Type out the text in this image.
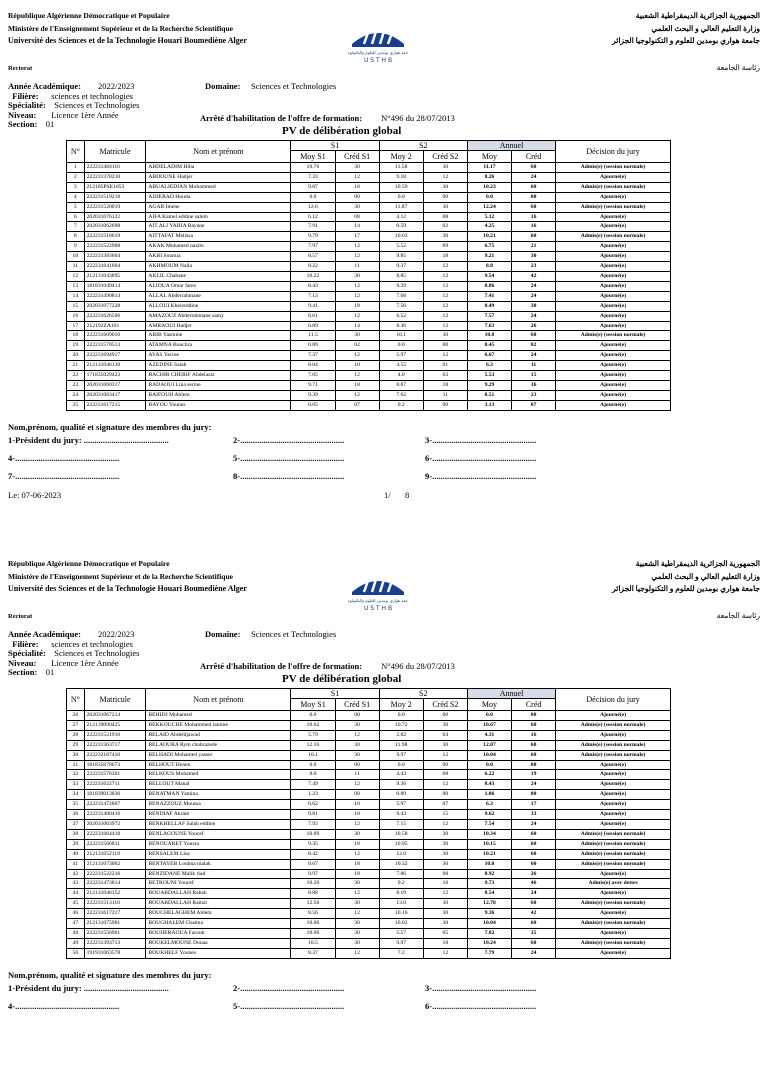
République Algérienne Démocratique et Populaire
Ministère de l'Enseignement Supérieur et de la Recherche Scientifique
Université des Sciences et de la Technologie Houari Boumediène Alger
الجمهورية الجزائرية الديمقراطية الشعبية
وزارة التعليم العالي و البحث العلمي
جامعة هواري بومدين للعلوم و التكنولوجيا الجزائر
جامعة هواري بومدين للعلوم والتكنولوجيا
U S T H B
Rectorat	رئاسة الجامعة
Année Académique: 2022/2023
Filière: sciences et technologies
Spécialité: Sciences et Technologies
Niveau: Licence 1ère Année
Section: 01
Domaine: Sciences et Technologies
Arrêté d'habilitation de l'offre de formation: N°496 du 28/07/2013
PV de délibération global
N°	Matricule	Nom et prénom	S1		S2		Annuel		Décision du jury
			Moy S1	Créd S1	Moy 2	Créd S2	Moy	Créd	
1	222231484116	ABDELADIM Hiba	10.76	30	11.58	30	11.17	60	Admis(e) (session normale)
2	222231378210	ABDOUNE Hadjer	7.33	12	9.18	12	8.26	24	Ajourné(e)
3	212185PSE1053	ABUALJEDIAN Mohammed	9.87	18	10.59	30	10.23	60	Admis(e) (session normale)
4	222231519218	ADJERAD Houda	0.0	00	0.0	00	0.0	00	Ajourné(e)
5	222231520019	AGAR Imene	12.6	30	11.87	30	12.24	60	Admis(e) (session normale)
6	202031076122	AIFA Kamel eddine salem	6.12	08	4.12	08	5.12	16	Ajourné(e)
7	202031062698	AIT ALI YAHIA Rayane	7.91	14	0.59	02	4.25	16	Ajourné(e)
8	222231518619	AITTAFAT Melissa	9.79	17	10.63	30	10.21	60	Admis(e) (session normale)
9	222231522908	AKAK Mohamed nazim	7.97	12	5.52	09	6.75	21	Ajourné(e)
10	222231383604	AKBI Soumia	8.57	12	9.85	18	9.21	30	Ajourné(e)
11	222231641604	AKHMOUM Naila	8.22	11	9.37	12	8.8	23	Ajourné(e)
12	212131043895	AKLIL Chahane	10.22	30	8.85	12	9.54	42	Ajourné(e)
13	181831049414	ALIOUA Omar fares	8.43	12	9.29	12	8.86	24	Ajourné(e)
14	222231490814	ALLAL Abderrahmane	7.13	12	7.68	12	7.41	24	Ajourné(e)
15	202031077228	ALLOUI Kheireddine	9.41	18	7.56	12	8.49	30	Ajourné(e)
16	222231626506	AMAZOUZ Abderrahmane samy	8.61	12	6.52	12	7.57	24	Ajourné(e)
17	212192ZA101	AMRAOUI Hadjer	6.89	14	8.36	12	7.63	26	Ajourné(e)
18	222231609016	ARIB Yasmine	11.5	30	10.1	30	10.8	60	Admis(e) (session normale)
19	222231570513	ATAMNA Bouchra	0.89	02	0.0	00	0.45	02	Ajourné(e)
20	222231694917	AYAS Yacine	7.37	12	5.97	12	6.67	24	Ajourné(e)
21	212131046130	AZEDINE Salah	8.04	10	4.55	01	6.3	11	Ajourné(e)
22	171835029423	BACHIR CHERIF Abdelaziz	7.05	12	4.0	03	5.53	15	Ajourné(e)
23	202031060317	BADAOUI Lina serine	9.71	18	8.87	18	9.29	36	Ajourné(e)
24	202031083417	BAIFOUH Ahlem	9.39	12	7.62	11	8.51	23	Ajourné(e)
25	222231617215	BAYOU Younes	6.05	07	0.2	00	3.13	07	Ajourné(e)
Nom,prénom, qualité et signature des membres du jury:
1-Président du jury: ........................................	2-.................................................	3-.................................................
4-.................................................	5-.................................................	6-.................................................
7-.................................................	8-.................................................	9-.................................................
Le: 07-06-2023	1/ 8
République Algérienne Démocratique et Populaire
Ministère de l'Enseignement Supérieur et de la Recherche Scientifique
Université des Sciences et de la Technologie Houari Boumediène Alger
الجمهورية الجزائرية الديمقراطية الشعبية
وزارة التعليم العالي و البحث العلمي
جامعة هواري بومدين للعلوم و التكنولوجيا الجزائر
جامعة هواري بومدين للعلوم والتكنولوجيا
U S T H B
Rectorat	رئاسة الجامعة
Année Académique: 2022/2023
Filière: sciences et technologies
Spécialité: Sciences et Technologies
Niveau: Licence 1ère Année
Section: 01
Domaine: Sciences et Technologies
Arrêté d'habilitation de l'offre de formation: N°496 du 28/07/2013
PV de délibération global
N°	Matricule	Nom et prénom	S1		S2		Annuel		Décision du jury
			Moy S1	Créd S1	Moy 2	Créd S2	Moy	Créd	
26	202031067214	BEHIDJ Mohamed	0.0	00	0.0	00	0.0	00	Ajourné(e)
27	212139090425	BEKKOUCHE Mohammed lamine	10.62	30	10.72	30	10.67	60	Admis(e) (session normale)
28	222231521916	BELAID Abdeldjawad	5.79	12	2.82	04	4.31	16	Ajourné(e)
29	222231363717	BELAOURA Rym chahrazede	12.16	30	11.98	30	12.07	60	Admis(e) (session normale)
30	222232187410	BELHADI Mohamed yasser	10.1	30	9.97	12	10.04	60	Admis(e) (session normale)
31	181835078673	BELHOUT Henen	0.0	00	0.0	00	0.0	00	Ajourné(e)
32	222231576301	BELKOUS Mohamed	8.0	11	4.43	08	6.22	19	Ajourné(e)
33	222231622711	BELLOUT Manal	7.49	12	9.36	12	8.43	24	Ajourné(e)
34	181839013836	BENATMAN Yamina	1.23	00	0.89	00	1.06	00	Ajourné(e)
35	222231472807	BENAZZOUZ Moussa	6.62	10	5.97	07	6.3	17	Ajourné(e)
36	222231480416	BENDIAF Akram	9.81	18	9.43	15	9.62	33	Ajourné(e)
37	202031063972	BENKHELLAF Salah eddine	7.93	12	7.15	12	7.54	24	Ajourné(e)
38	222231664418	BENLAGOUNE Youcef	10.09	30	10.58	30	10.34	60	Admis(e) (session normale)
39	222231566811	BENOUARET Yousra	9.35	18	10.95	30	10.15	60	Admis(e) (session normale)
40	212131052119	BENSALEM Lisa	8.42	12	12.0	30	10.21	60	Admis(e) (session normale)
41	212131073062	BENTAYEB Loubna malak	9.67	18	10.32	30	10.0	60	Admis(e) (session normale)
42	222231522216	BENZIDANE Malik riad	9.97	18	7.86	08	8.92	26	Ajourné(e)
43	222231473814	BETROUNI Youcef	10.26	30	9.2	16	9.73	46	Admis(e) avec dettes
44	212131046152	BOUABDALLAH Rabah	8.88	12	8.19	12	8.54	24	Ajourné(e)
45	222231513110	BOUABDALLAH Ramzi	12.56	30	13.0	30	12.78	60	Admis(e) (session normale)
46	222231617217	BOUCHELAGHEM Ahlem	8.56	12	10.16	30	9.36	42	Ajourné(e)
47	212131075981	BOUGHALEM Chaima	10.06	30	10.02	30	10.04	60	Admis(e) (session normale)
48	222231556901	BOUHERAOUA Farouk	10.06	30	5.57	05	7.82	35	Ajourné(e)
49	222231393713	BOUKELMOUNE Douaa	10.5	30	9.97	18	10.24	60	Admis(e) (session normale)
50	191931063578	BOUKHELF Younes	8.37	12	7.2	12	7.79	24	Ajourné(e)
Nom,prénom, qualité et signature des membres du jury:
1-Président du jury: ........................................	2-.................................................	3-.................................................
4-.................................................	5-.................................................	6-.................................................
